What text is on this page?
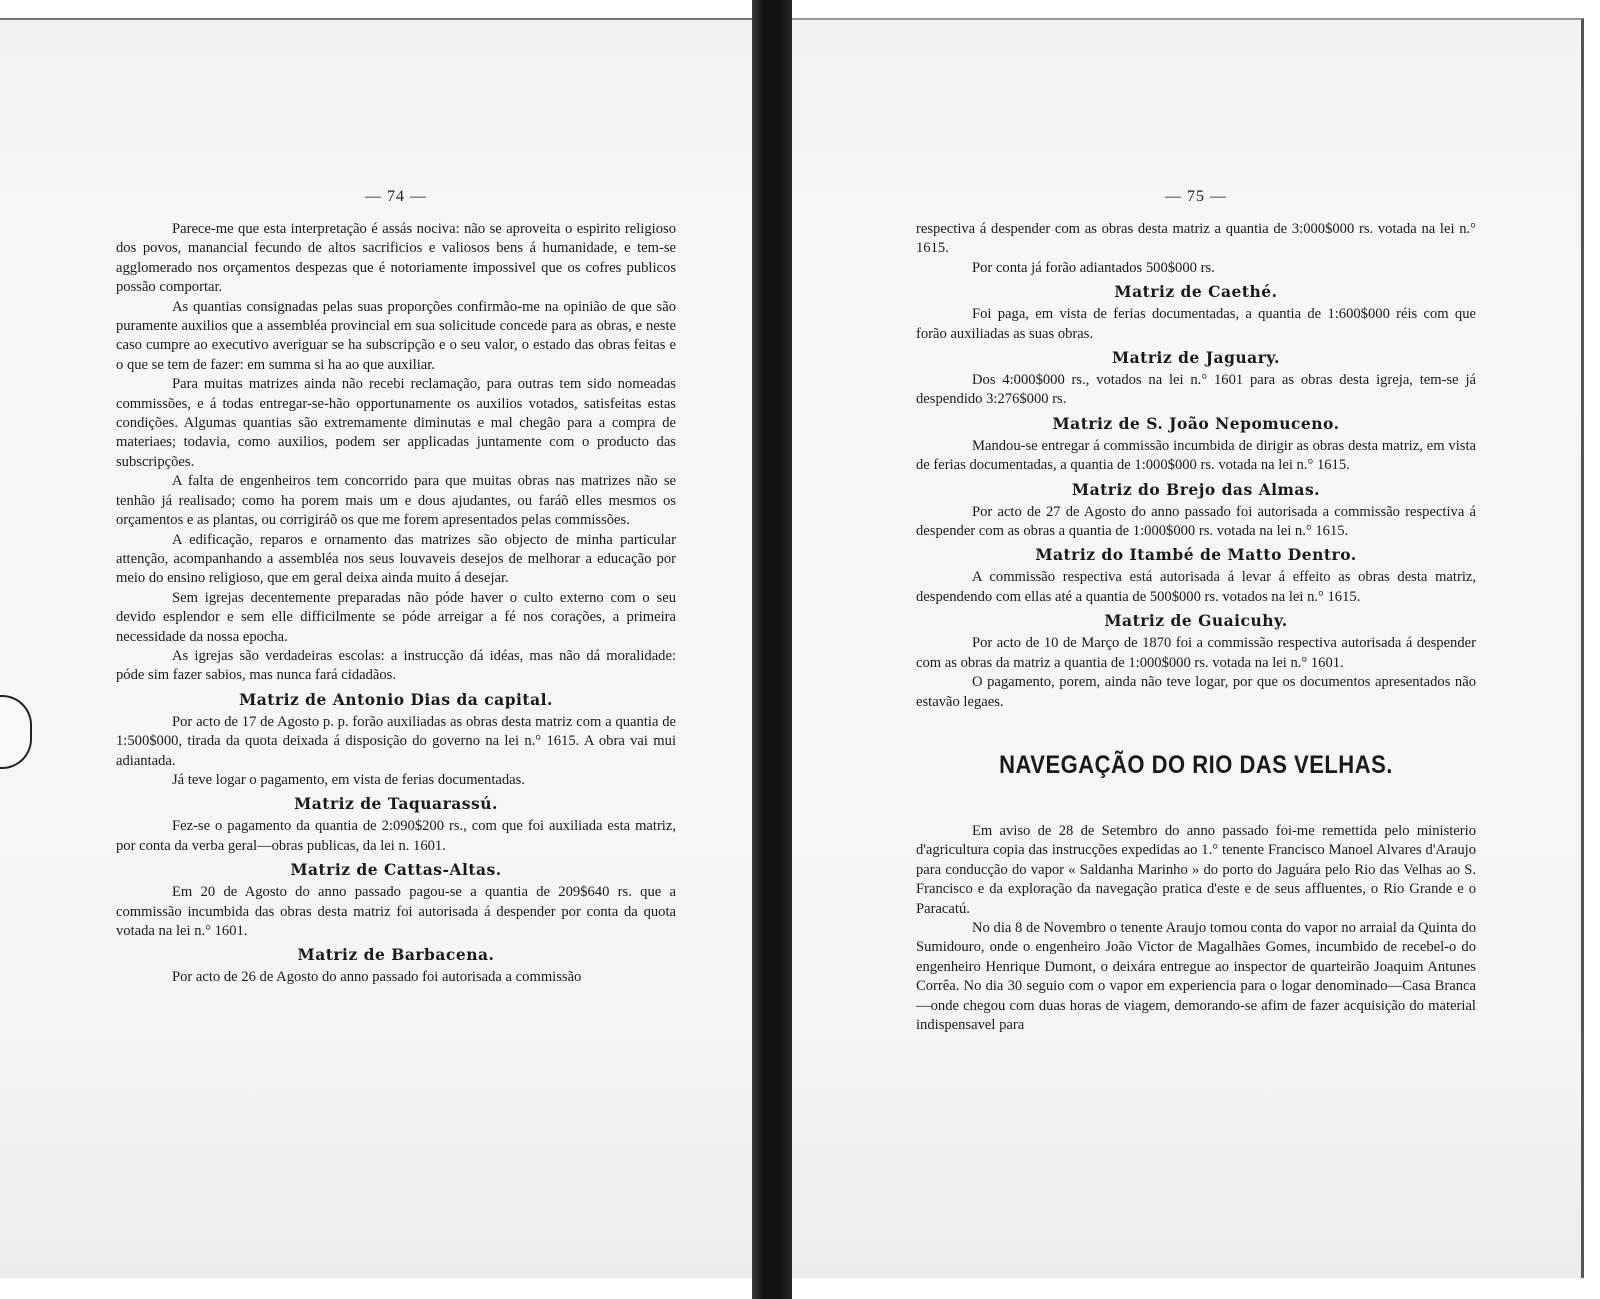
— 74 —

Parece-me que esta interpretação é assás nociva: não se aproveita o espirito religioso dos povos, manancial fecundo de altos sacrificios e valiosos bens á humanidade, e tem-se agglomerado nos orçamentos despezas que é notoriamente impossivel que os cofres publicos possão comportar.

As quantias consignadas pelas suas proporções confirmão-me na opinião de que são puramente auxilios que a assembléa provincial em sua solicitude concede para as obras, e neste caso cumpre ao executivo averiguar se ha subscripção e o seu valor, o estado das obras feitas e o que se tem de fazer: em summa si ha ao que auxiliar.

Para muitas matrizes ainda não recebi reclamação, para outras tem sido nomeadas commissões, e á todas entregar-se-hão opportunamente os auxilios votados, satisfeitas estas condições. Algumas quantias são extremamente diminutas e mal chegão para a compra de materiaes; todavia, como auxilios, podem ser applicadas juntamente com o producto das subscripções.

A falta de engenheiros tem concorrido para que muitas obras nas matrizes não se tenhão já realisado; como ha porem mais um e dous ajudantes, ou faráõ elles mesmos os orçamentos e as plantas, ou corrigiráõ os que me forem apresentados pelas commissões.

A edificação, reparos e ornamento das matrizes são objecto de minha particular attenção, acompanhando a assembléa nos seus louvaveis desejos de melhorar a educação por meio do ensino religioso, que em geral deixa ainda muito á desejar.

Sem igrejas decentemente preparadas não póde haver o culto externo com o seu devido esplendor e sem elle difficilmente se póde arreigar a fé nos corações, a primeira necessidade da nossa epocha.

As igrejas são verdadeiras escolas: a instrucção dá idéas, mas não dá moralidade: póde sim fazer sabios, mas nunca fará cidadãos.

Matriz de Antonio Dias da capital.

Por acto de 17 de Agosto p. p. forão auxiliadas as obras desta matriz com a quantia de 1:500$000, tirada da quota deixada á disposição do governo na lei n.° 1615. A obra vai mui adiantada.

Já teve logar o pagamento, em vista de ferias documentadas.

Matriz de Taquarassú.

Fez-se o pagamento da quantia de 2:090$200 rs., com que foi auxiliada esta matriz, por conta da verba geral—obras publicas, da lei n. 1601.

Matriz de Cattas-Altas.

Em 20 de Agosto do anno passado pagou-se a quantia de 209$640 rs. que a commissão incumbida das obras desta matriz foi autorisada á despender por conta da quota votada na lei n.° 1601.

Matriz de Barbacena.

Por acto de 26 de Agosto do anno passado foi autorisada a commissão

— 75 —

respectiva á despender com as obras desta matriz a quantia de 3:000$000 rs. votada na lei n.° 1615.

Por conta já forão adiantados 500$000 rs.

Matriz de Caethé.

Foi paga, em vista de ferias documentadas, a quantia de 1:600$000 réis com que forão auxiliadas as suas obras.

Matriz de Jaguary.

Dos 4:000$000 rs., votados na lei n.° 1601 para as obras desta igreja, tem-se já despendido 3:276$000 rs.

Matriz de S. João Nepomuceno.

Mandou-se entregar á commissão incumbida de dirigir as obras desta matriz, em vista de ferias documentadas, a quantia de 1:000$000 rs. votada na lei n.° 1615.

Matriz do Brejo das Almas.

Por acto de 27 de Agosto do anno passado foi autorisada a commissão respectiva á despender com as obras a quantia de 1:000$000 rs. votada na lei n.° 1615.

Matriz do Itambé de Matto Dentro.

A commissão respectiva está autorisada á levar á effeito as obras desta matriz, despendendo com ellas até a quantia de 500$000 rs. votados na lei n.° 1615.

Matriz de Guaicuhy.

Por acto de 10 de Março de 1870 foi a commissão respectiva autorisada á despender com as obras da matriz a quantia de 1:000$000 rs. votada na lei n.° 1601.

O pagamento, porem, ainda não teve logar, por que os documentos apresentados não estavão legaes.

NAVEGAÇÃO DO RIO DAS VELHAS.

Em aviso de 28 de Setembro do anno passado foi-me remettida pelo ministerio d'agricultura copia das instrucções expedidas ao 1.° tenente Francisco Manoel Alvares d'Araujo para conducção do vapor « Saldanha Marinho » do porto do Jaguára pelo Rio das Velhas ao S. Francisco e da exploração da navegação pratica d'este e de seus affluentes, o Rio Grande e o Paracatú.

No dia 8 de Novembro o tenente Araujo tomou conta do vapor no arraial da Quinta do Sumidouro, onde o engenheiro João Victor de Magalhães Gomes, incumbido de recebel-o do engenheiro Henrique Dumont, o deixára entregue ao inspector de quarteirão Joaquim Antunes Corrêa. No dia 30 seguio com o vapor em experiencia para o logar denominado—Casa Branca—onde chegou com duas horas de viagem, demorando-se afim de fazer acquisição do material indispensavel para
